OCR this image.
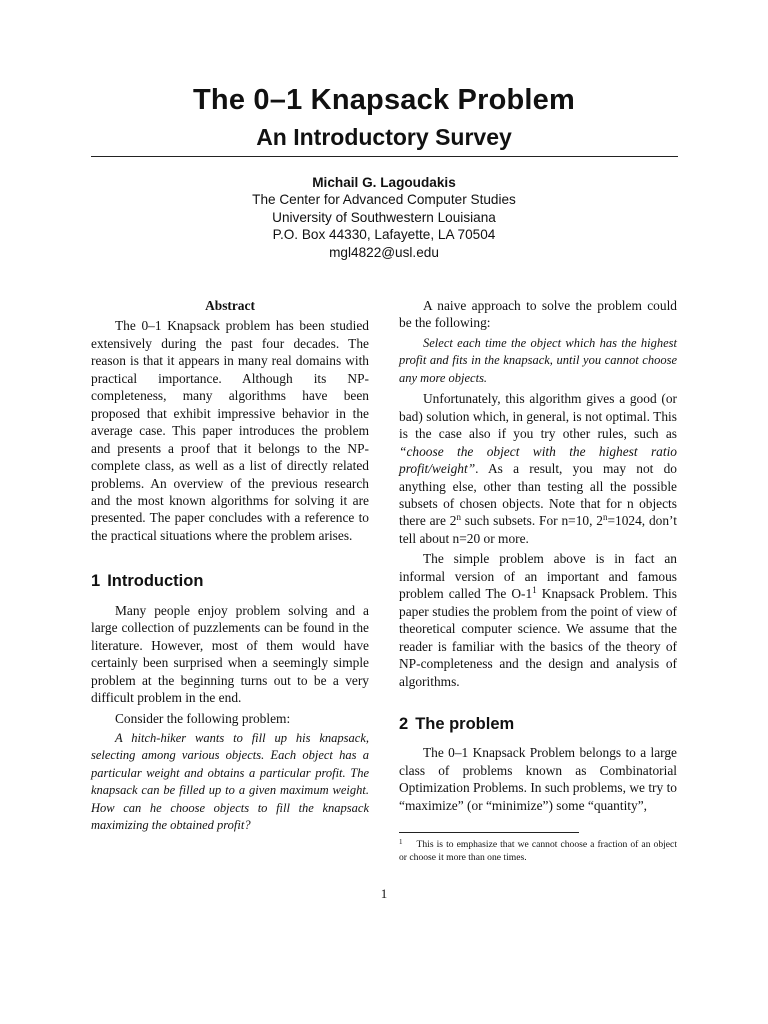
The 0–1 Knapsack Problem
An Introductory Survey
Michail G. Lagoudakis
The Center for Advanced Computer Studies
University of Southwestern Louisiana
P.O. Box 44330, Lafayette, LA 70504
mgl4822@usl.edu
Abstract

The 0–1 Knapsack problem has been studied extensively during the past four decades. The reason is that it appears in many real domains with practical importance. Although its NP-completeness, many algorithms have been proposed that exhibit impressive behavior in the average case. This paper introduces the problem and presents a proof that it belongs to the NP-complete class, as well as a list of directly related problems. An overview of the previous research and the most known algorithms for solving it are presented. The paper concludes with a reference to the practical situations where the problem arises.

1 Introduction

Many people enjoy problem solving and a large collection of puzzlements can be found in the literature. However, most of them would have certainly been surprised when a seemingly simple problem at the beginning turns out to be a very difficult problem in the end.

Consider the following problem:

A hitch-hiker wants to fill up his knapsack, selecting among various objects. Each object has a particular weight and obtains a particular profit. The knapsack can be filled up to a given maximum weight. How can he choose objects to fill the knapsack maximizing the obtained profit?

A naive approach to solve the problem could be the following:

Select each time the object which has the highest profit and fits in the knapsack, until you cannot choose any more objects.

Unfortunately, this algorithm gives a good (or bad) solution which, in general, is not optimal. This is the case also if you try other rules, such as “choose the object with the highest ratio profit/weight”. As a result, you may not do anything else, other than testing all the possible subsets of chosen objects. Note that for n objects there are 2$^n$ such subsets. For n=10, $2^n=1024$, don’t tell about n=20 or more.

The simple problem above is in fact an informal version of an important and famous problem called The $O-1^1$ Knapsack Problem. This paper studies the problem from the point of view of theoretical computer science. We assume that the reader is familiar with the basics of the theory of NP-completeness and the design and analysis of algorithms.

2 The problem

The 0–1 Knapsack Problem belongs to a large class of problems known as Combinatorial Optimization Problems. In such problems, we try to “maximize” (or “minimize”) some “quantity”,

$^1$ This is to emphasize that we cannot choose a fraction of an object or choose it more than one times.
1
